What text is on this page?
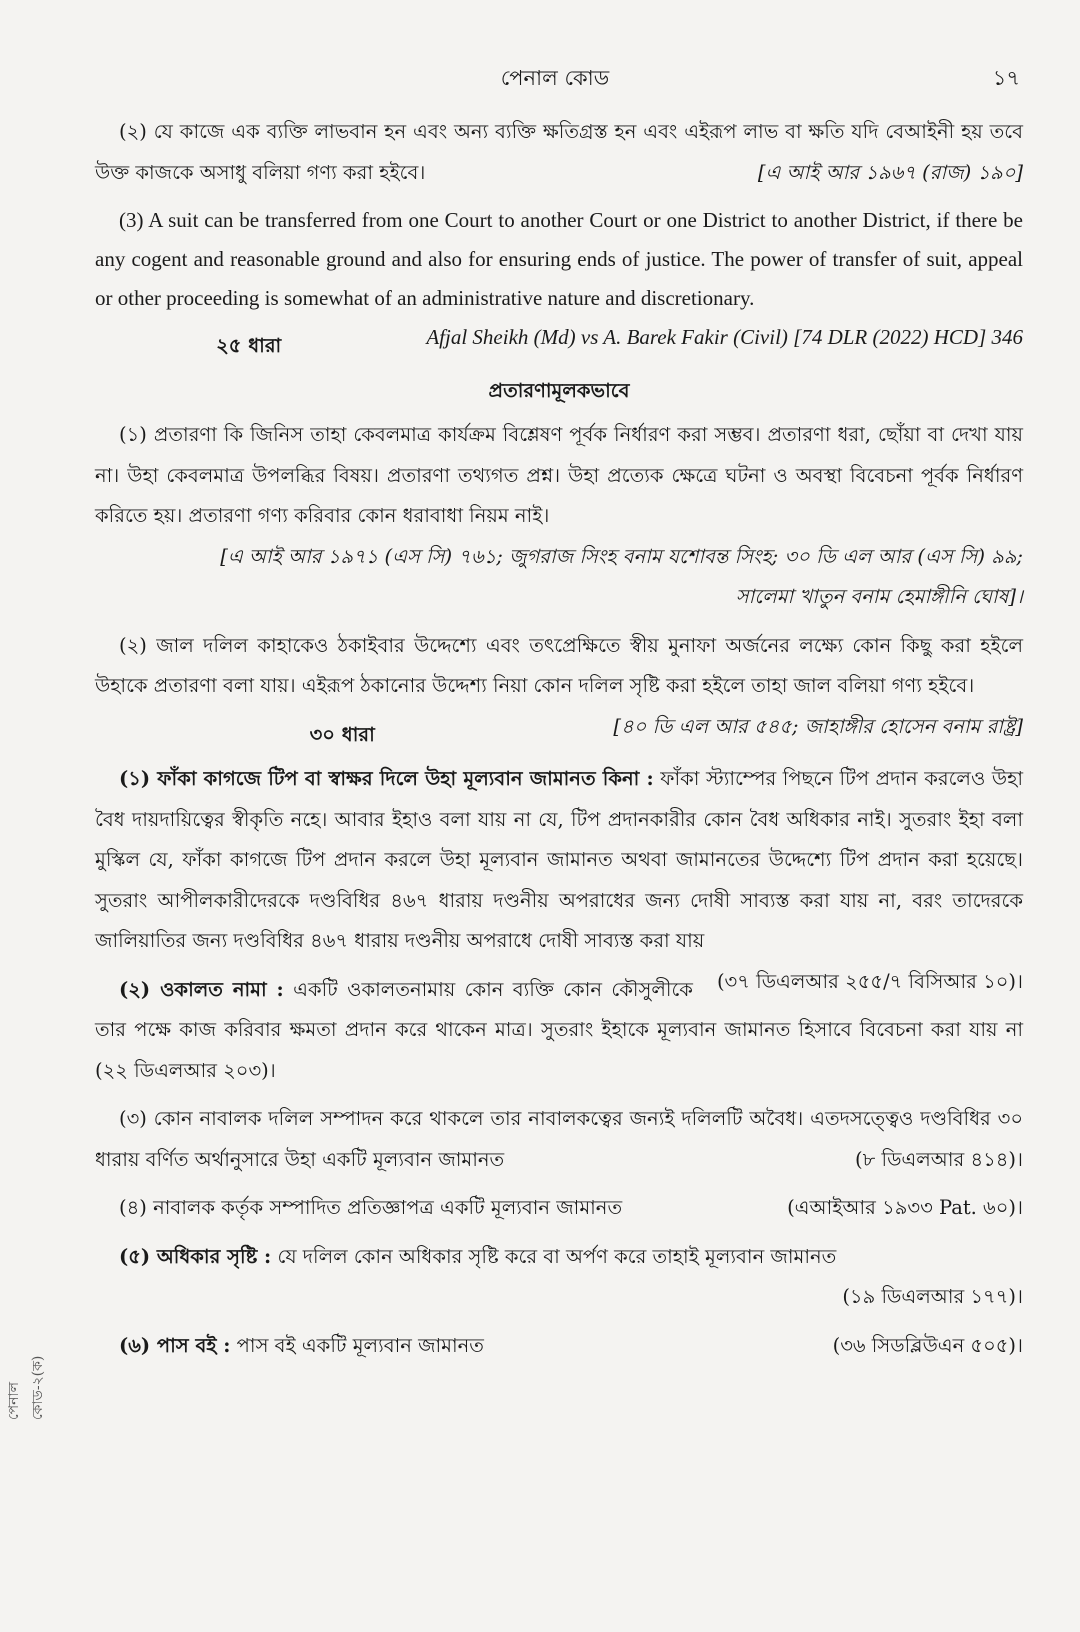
পেনাল কোড	১৭

(২) যে কাজে এক ব্যক্তি লাভবান হন এবং অন্য ব্যক্তি ক্ষতিগ্রস্ত হন এবং এইরূপ লাভ বা ক্ষতি যদি বেআইনী হয় তবে উক্ত কাজকে অসাধু বলিয়া গণ্য করা হইবে।	[এ আই আর ১৯৬৭ (রাজ) ১৯০]

(3) A suit can be transferred from one Court to another Court or one District to another District, if there be any cogent and reasonable ground and also for ensuring ends of justice. The power of transfer of suit, appeal or other proceeding is somewhat of an administrative nature and discretionary.
Afjal Sheikh (Md) vs A. Barek Fakir (Civil) [74 DLR (2022) HCD] 346

২৫ ধারা
প্রতারণামূলকভাবে

(১) প্রতারণা কি জিনিস তাহা কেবলমাত্র কার্যক্রম বিশ্লেষণ পূর্বক নির্ধারণ করা সম্ভব। প্রতারণা ধরা, ছোঁয়া বা দেখা যায় না। উহা কেবলমাত্র উপলব্ধির বিষয়। প্রতারণা তথ্যগত প্রশ্ন। উহা প্রত্যেক ক্ষেত্রে ঘটনা ও অবস্থা বিবেচনা পূর্বক নির্ধারণ করিতে হয়। প্রতারণা গণ্য করিবার কোন ধরাবাধা নিয়ম নাই।

[এ আই আর ১৯৭১ (এস সি) ৭৬১; জুগরাজ সিংহ বনাম যশোবন্ত সিংহ; ৩০ ডি এল আর (এস সি) ৯৯;
সালেমা খাতুন বনাম হেমাঙ্গীনি ঘোষ]।

(২) জাল দলিল কাহাকেও ঠকাইবার উদ্দেশ্যে এবং তৎপ্রেক্ষিতে স্বীয় মুনাফা অর্জনের লক্ষ্যে কোন কিছু করা হইলে উহাকে প্রতারণা বলা যায়। এইরূপ ঠকানোর উদ্দেশ্য নিয়া কোন দলিল সৃষ্টি করা হইলে তাহা জাল বলিয়া গণ্য হইবে।
[৪০ ডি এল আর ৫৪৫; জাহাঙ্গীর হোসেন বনাম রাষ্ট্র]

৩০ ধারা

(১) ফাঁকা কাগজে টিপ বা স্বাক্ষর দিলে উহা মূল্যবান জামানত কিনা : ফাঁকা স্ট্যাম্পের পিছনে টিপ প্রদান করলেও উহা বৈধ দায়দায়িত্বের স্বীকৃতি নহে। আবার ইহাও বলা যায় না যে, টিপ প্রদানকারীর কোন বৈধ অধিকার নাই। সুতরাং ইহা বলা মুস্কিল যে, ফাঁকা কাগজে টিপ প্রদান করলে উহা মূল্যবান জামানত অথবা জামানতের উদ্দেশ্যে টিপ প্রদান করা হয়েছে। সুতরাং আপীলকারীদেরকে দণ্ডবিধির ৪৬৭ ধারায় দণ্ডনীয় অপরাধের জন্য দোষী সাব্যস্ত করা যায় না, বরং তাদেরকে জালিয়াতির জন্য দণ্ডবিধির ৪৬৭ ধারায় দণ্ডনীয় অপরাধে দোষী সাব্যস্ত করা যায়
(৩৭ ডিএলআর ২৫৫/৭ বিসিআর ১০)।

(২) ওকালত নামা : একটি ওকালতনামায় কোন ব্যক্তি কোন কৌসুলীকে তার পক্ষে কাজ করিবার ক্ষমতা প্রদান করে থাকেন মাত্র। সুতরাং ইহাকে মূল্যবান জামানত হিসাবে বিবেচনা করা যায় না (২২ ডিএলআর ২০৩)।

(৩) কোন নাবালক দলিল সম্পাদন করে থাকলে তার নাবালকত্বের জন্যই দলিলটি অবৈধ। এতদসত্ত্বেও দণ্ডবিধির ৩০ ধারায় বর্ণিত অর্থানুসারে উহা একটি মূল্যবান জামানত	(৮ ডিএলআর ৪১৪)।

(৪) নাবালক কর্তৃক সম্পাদিত প্রতিজ্ঞাপত্র একটি মূল্যবান জামানত	(এআইআর ১৯৩৩ Pat. ৬০)।
(৫) অধিকার সৃষ্টি : যে দলিল কোন অধিকার সৃষ্টি করে বা অর্পণ করে তাহাই মূল্যবান জামানত
(১৯ ডিএলআর ১৭৭)।
(৬) পাস বই : পাস বই একটি মূল্যবান জামানত	(৩৬ সিডব্লিউএন ৫০৫)।
পেনাল কোড-২(ক)
